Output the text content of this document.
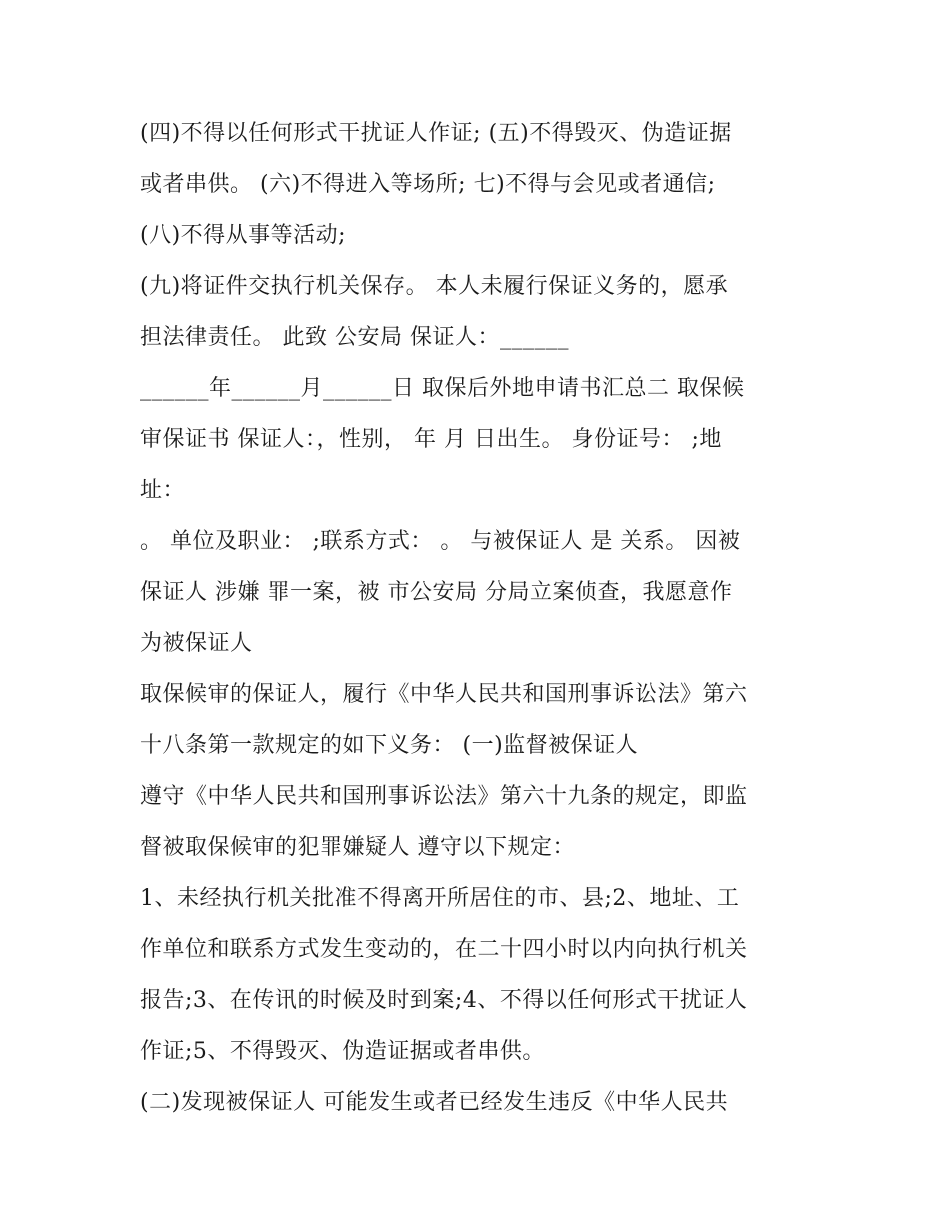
(四)不得以任何形式干扰证人作证; (五)不得毁灭、伪造证据
或者串供。 (六)不得进入等场所; 七)不得与会见或者通信;
(八)不得从事等活动;
(九)将证件交执行机关保存。 本人未履行保证义务的，愿承
担法律责任。 此致 公安局 保证人：______
______年______月______日 取保后外地申请书汇总二 取保候
审保证书 保证人：，性别， 年 月 日出生。 身份证号： ;地
址：
。 单位及职业： ;联系方式： 。 与被保证人 是 关系。 因被
保证人 涉嫌 罪一案，被 市公安局 分局立案侦查，我愿意作
为被保证人
取保候审的保证人，履行《中华人民共和国刑事诉讼法》第六
十八条第一款规定的如下义务： (一)监督被保证人
遵守《中华人民共和国刑事诉讼法》第六十九条的规定，即监
督被取保候审的犯罪嫌疑人 遵守以下规定：
1、未经执行机关批准不得离开所居住的市、县;2、地址、工
作单位和联系方式发生变动的，在二十四小时以内向执行机关
报告;3、在传讯的时候及时到案;4、不得以任何形式干扰证人
作证;5、不得毁灭、伪造证据或者串供。
(二)发现被保证人 可能发生或者已经发生违反《中华人民共
